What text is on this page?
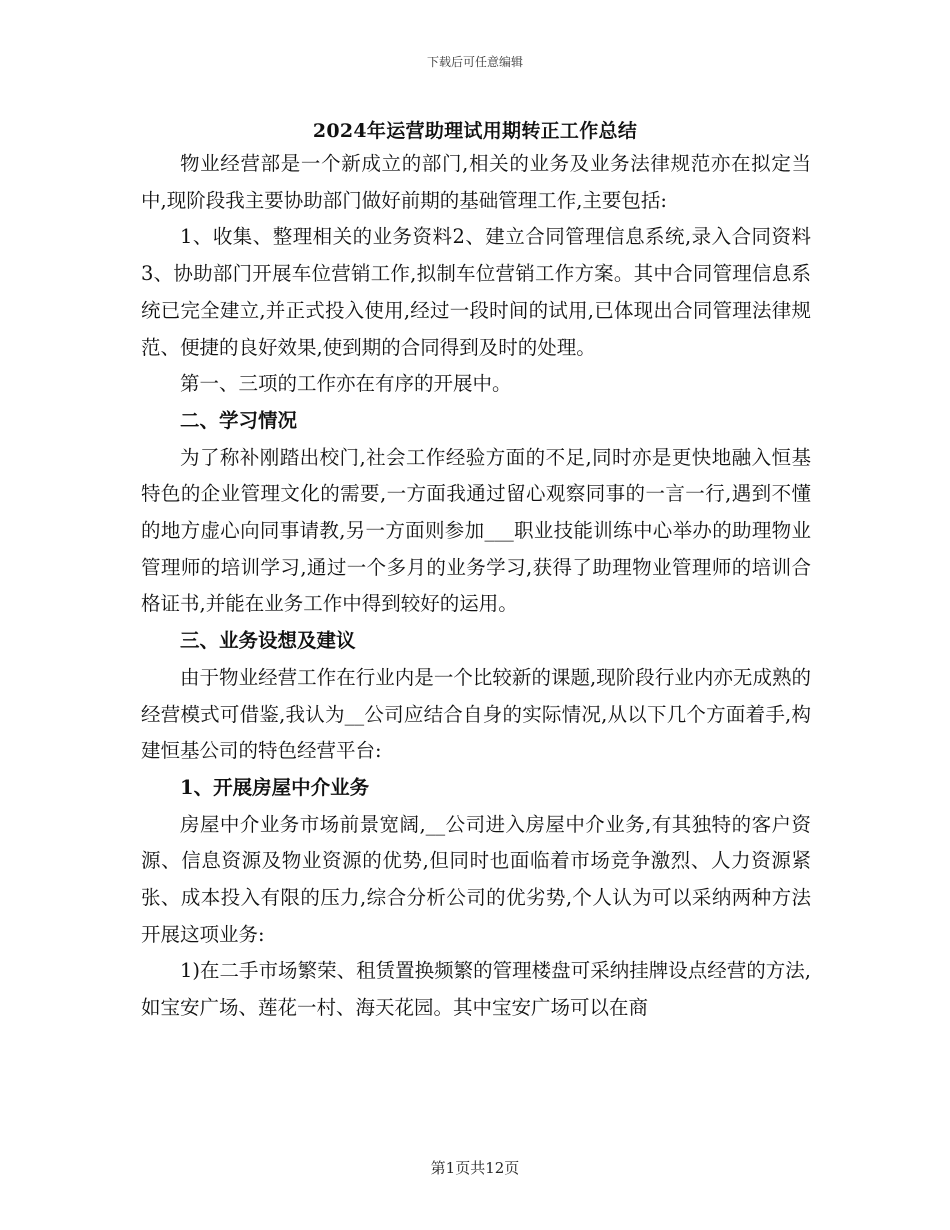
下载后可任意编辑
2024年运营助理试用期转正工作总结

物业经营部是一个新成立的部门,相关的业务及业务法律规范亦在拟定当中,现阶段我主要协助部门做好前期的基础管理工作,主要包括:

1、收集、整理相关的业务资料2、建立合同管理信息系统,录入合同资料3、协助部门开展车位营销工作,拟制车位营销工作方案。其中合同管理信息系统已完全建立,并正式投入使用,经过一段时间的试用,已体现出合同管理法律规范、便捷的良好效果,使到期的合同得到及时的处理。

第一、三项的工作亦在有序的开展中。

二、学习情况

为了称补刚踏出校门,社会工作经验方面的不足,同时亦是更快地融入恒基特色的企业管理文化的需要,一方面我通过留心观察同事的一言一行,遇到不懂的地方虚心向同事请教,另一方面则参加___职业技能训练中心举办的助理物业管理师的培训学习,通过一个多月的业务学习,获得了助理物业管理师的培训合格证书,并能在业务工作中得到较好的运用。

三、业务设想及建议

由于物业经营工作在行业内是一个比较新的课题,现阶段行业内亦无成熟的经营模式可借鉴,我认为__公司应结合自身的实际情况,从以下几个方面着手,构建恒基公司的特色经营平台:

1、开展房屋中介业务

房屋中介业务市场前景宽阔,__公司进入房屋中介业务,有其独特的客户资源、信息资源及物业资源的优势,但同时也面临着市场竞争激烈、人力资源紧张、成本投入有限的压力,综合分析公司的优劣势,个人认为可以采纳两种方法开展这项业务:

1)在二手市场繁荣、租赁置换频繁的管理楼盘可采纳挂牌设点经营的方法,如宝安广场、莲花一村、海天花园。其中宝安广场可以在商

第1页共12页
